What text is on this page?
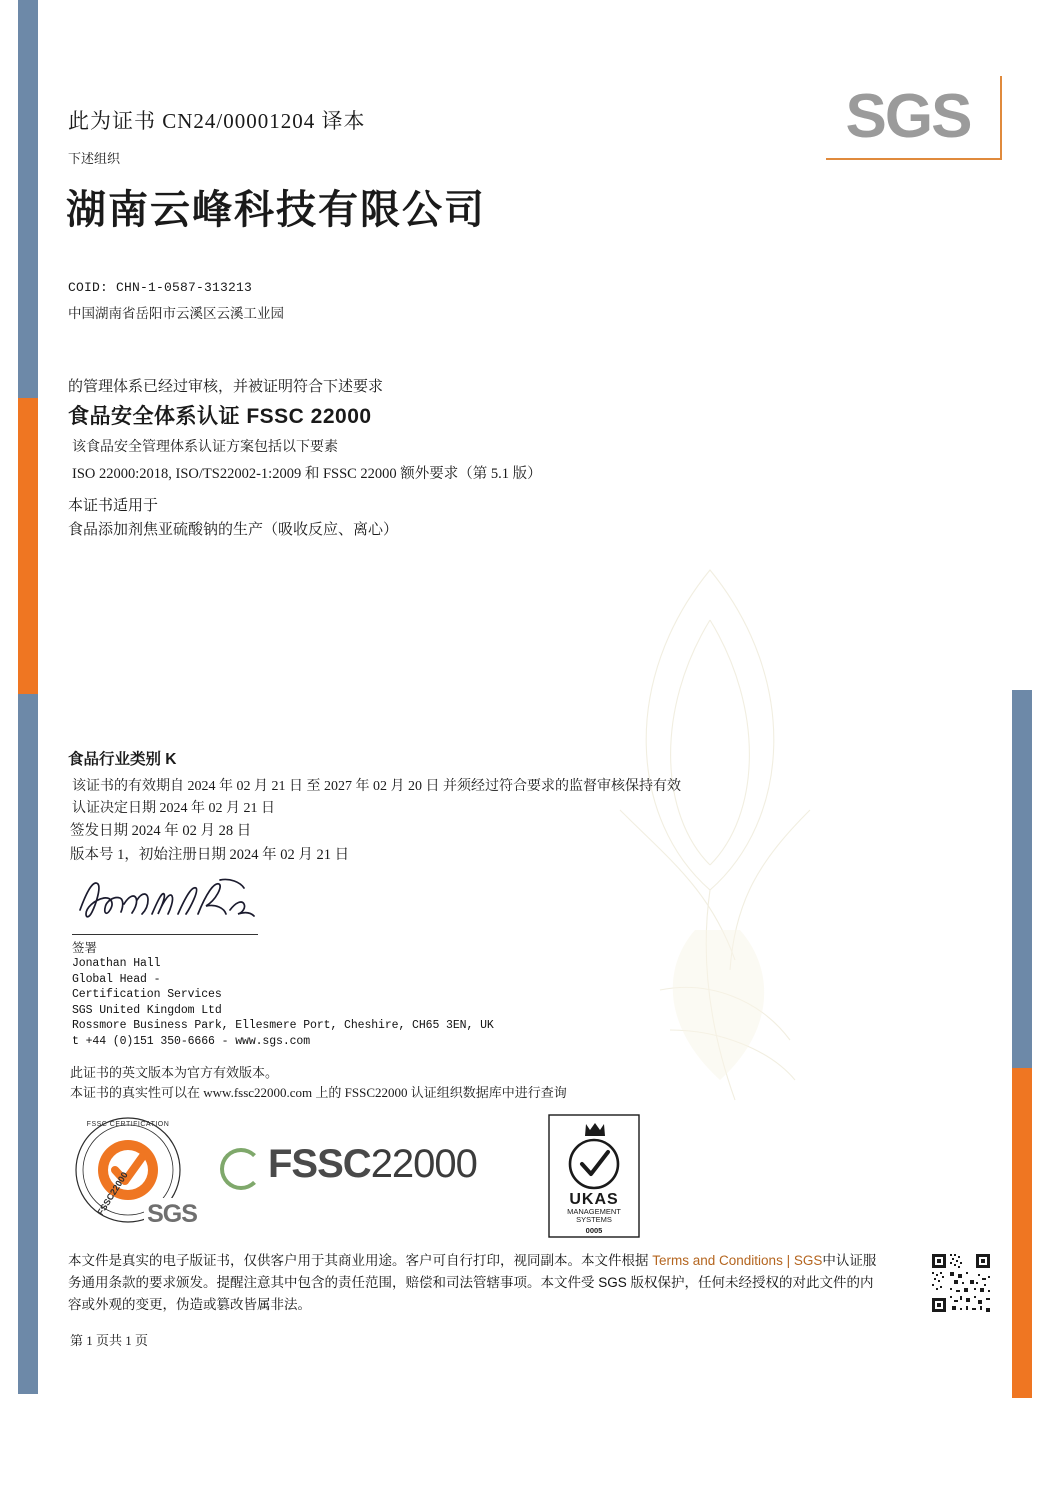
SGS
此为证书 CN24/00001204 译本
下述组织
湖南云峰科技有限公司
COID: CHN-1-0587-313213
中国湖南省岳阳市云溪区云溪工业园
的管理体系已经过审核，并被证明符合下述要求
食品安全体系认证 FSSC 22000
该食品安全管理体系认证方案包括以下要素
ISO 22000:2018, ISO/TS22002-1:2009 和 FSSC 22000 额外要求（第 5.1 版）
本证书适用于
食品添加剂焦亚硫酸钠的生产（吸收反应、离心）
食品行业类别 K
该证书的有效期自 2024 年 02 月 21 日 至 2027 年 02 月 20 日 并须经过符合要求的监督审核保持有效
认证决定日期 2024 年 02 月 21 日
签发日期 2024 年 02 月 28 日
版本号 1，初始注册日期 2024 年 02 月 21 日
签署
Jonathan Hall
Global Head -
Certification Services
SGS United Kingdom Ltd
Rossmore Business Park, Ellesmere Port, Cheshire, CH65 3EN, UK
t +44 (0)151 350-6666 - www.sgs.com
此证书的英文版本为官方有效版本。
本证书的真实性可以在 www.fssc22000.com 上的 FSSC22000 认证组织数据库中进行查询
FSSC CERTIFICATION
FSSC22000 SGS
FSSC22000
UKAS
MANAGEMENT
SYSTEMS
0005
本文件是真实的电子版证书，仅供客户用于其商业用途。客户可自行打印，视同副本。本文件根据 Terms and Conditions | SGS中认证服务通用条款的要求颁发。提醒注意其中包含的责任范围，赔偿和司法管辖事项。本文件受 SGS 版权保护，任何未经授权的对此文件的内容或外观的变更，伪造或篡改皆属非法。
第 1 页共 1 页
